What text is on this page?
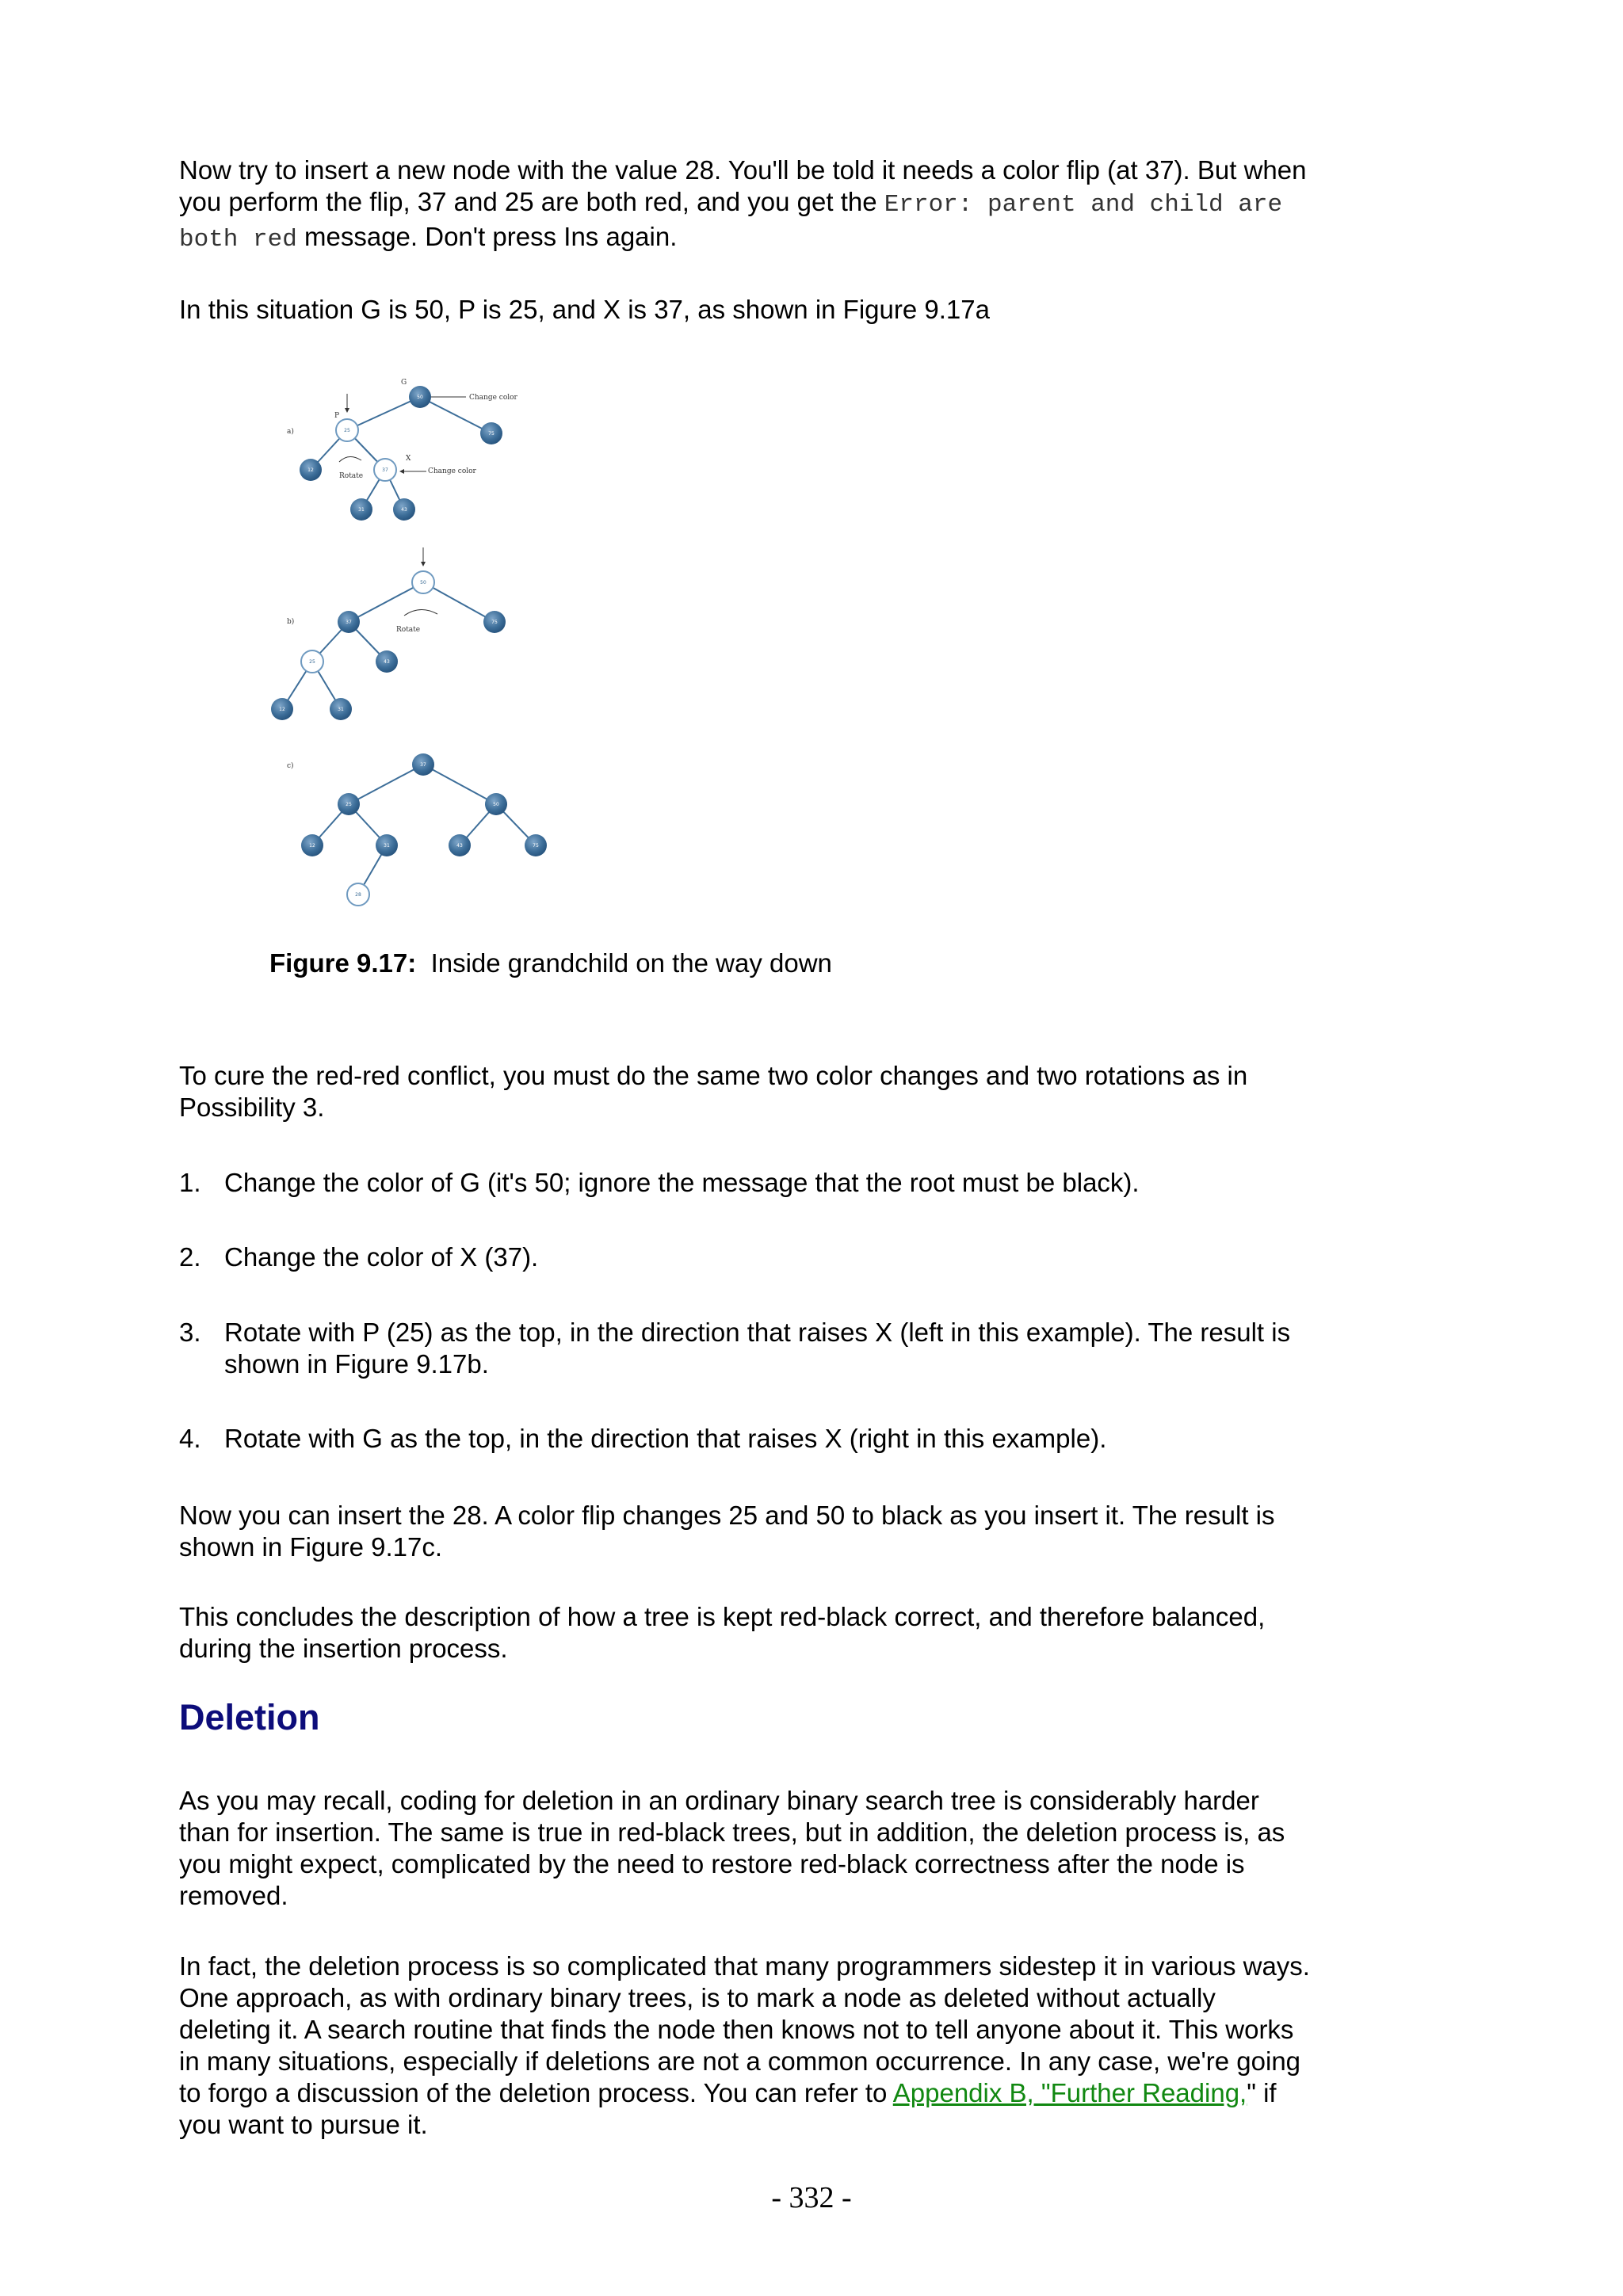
Now try to insert a new node with the value 28. You'll be told it needs a color flip (at 37). But when you perform the flip, 37 and 25 are both red, and you get the Error: parent and child are both red message. Don't press Ins again.

In this situation G is 50, P is 25, and X is 37, as shown in Figure 9.17a

a)
G
P
X
Change color
Change color
Rotate
50
25
75
12	37
31	43
b)
Rotate
50
37	75
25	43
12	31
c)	37
25	50
12	31	43	75
28
Figure 9.17: Inside grandchild on the way down

To cure the red-red conflict, you must do the same two color changes and two rotations as in Possibility 3.

1. Change the color of G (it's 50; ignore the message that the root must be black).
2. Change the color of X (37).
3. Rotate with P (25) as the top, in the direction that raises X (left in this example). The result is shown in Figure 9.17b.
4. Rotate with G as the top, in the direction that raises X (right in this example).

Now you can insert the 28. A color flip changes 25 and 50 to black as you insert it. The result is shown in Figure 9.17c.

This concludes the description of how a tree is kept red-black correct, and therefore balanced, during the insertion process.

Deletion

As you may recall, coding for deletion in an ordinary binary search tree is considerably harder than for insertion. The same is true in red-black trees, but in addition, the deletion process is, as you might expect, complicated by the need to restore red-black correctness after the node is removed.

In fact, the deletion process is so complicated that many programmers sidestep it in various ways. One approach, as with ordinary binary trees, is to mark a node as deleted without actually deleting it. A search routine that finds the node then knows not to tell anyone about it. This works in many situations, especially if deletions are not a common occurrence. In any case, we're going to forgo a discussion of the deletion process. You can refer to Appendix B, "Further Reading," if you want to pursue it.

- 332 -
